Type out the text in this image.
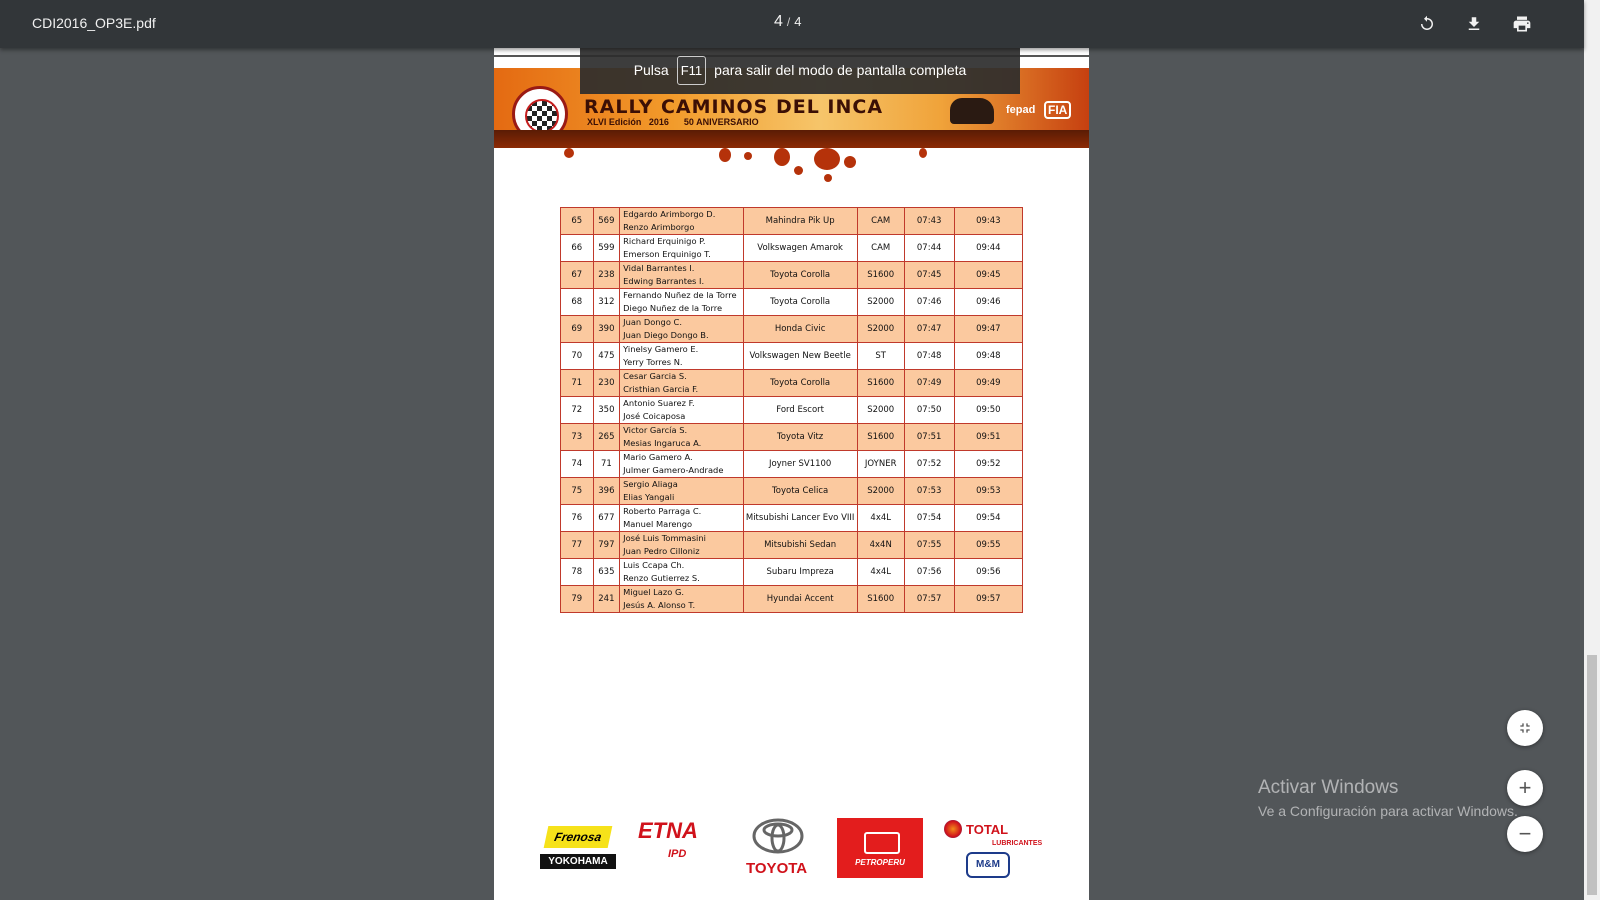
CDI2016_OP3E.pdf	4 / 4
RALLY CAMINOS DEL INCA
XLVI Edición 2016 50 ANIVERSARIO
fepad	FIA
65	569	Edgardo Arimborgo D.
Renzo Arimborgo	Mahindra Pik Up	CAM	07:43	09:43
66	599	Richard Erquinigo P.
Emerson Erquinigo T.	Volkswagen Amarok	CAM	07:44	09:44
67	238	Vidal Barrantes I.
Edwing Barrantes I.	Toyota Corolla	S1600	07:45	09:45
68	312	Fernando Nuñez de la Torre
Diego Nuñez de la Torre	Toyota Corolla	S2000	07:46	09:46
69	390	Juan Dongo C.
Juan Diego Dongo B.	Honda Civic	S2000	07:47	09:47
70	475	Yinelsy Gamero E.
Yerry Torres N.	Volkswagen New Beetle	ST	07:48	09:48
71	230	Cesar Garcia S.
Cristhian Garcia F.	Toyota Corolla	S1600	07:49	09:49
72	350	Antonio Suarez F.
José Coicaposa	Ford Escort	S2000	07:50	09:50
73	265	Victor García S.
Mesias Ingaruca A.	Toyota Vitz	S1600	07:51	09:51
74	71	Mario Gamero A.
Julmer Gamero-Andrade	Joyner SV1100	JOYNER	07:52	09:52
75	396	Sergio Aliaga
Elias Yangali	Toyota Celica	S2000	07:53	09:53
76	677	Roberto Parraga C.
Manuel Marengo	Mitsubishi Lancer Evo VIII	4x4L	07:54	09:54
77	797	José Luis Tommasini
Juan Pedro Cilloniz	Mitsubishi Sedan	4x4N	07:55	09:55
78	635	Luis Ccapa Ch.
Renzo Gutierrez S.	Subaru Impreza	4x4L	07:56	09:56
79	241	Miguel Lazo G.
Jesús A. Alonso T.	Hyundai Accent	S1600	07:57	09:57
Frenosa
YOKOHAMA
ETNA
IPD
TOYOTA	PETROPERU
TOTAL
LUBRICANTES
M&M
Pulsa F11 para salir del modo de pantalla completa
+
−
Activar Windows
Ve a Configuración para activar Windows.
